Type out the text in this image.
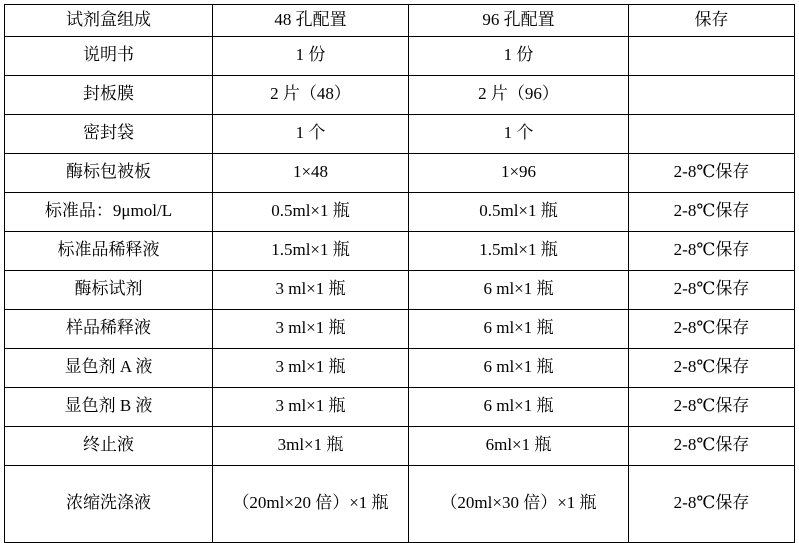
试剂盒组成	48 孔配置	96 孔配置	保存
说明书	1 份	1 份	
封板膜	2 片（48）	2 片（96）	
密封袋	1 个	1 个	
酶标包被板	1×48	1×96	2-8℃保存
标准品：9μmol/L	0.5ml×1 瓶	0.5ml×1 瓶	2-8℃保存
标准品稀释液	1.5ml×1 瓶	1.5ml×1 瓶	2-8℃保存
酶标试剂	3 ml×1 瓶	6 ml×1 瓶	2-8℃保存
样品稀释液	3 ml×1 瓶	6 ml×1 瓶	2-8℃保存
显色剂 A 液	3 ml×1 瓶	6 ml×1 瓶	2-8℃保存
显色剂 B 液	3 ml×1 瓶	6 ml×1 瓶	2-8℃保存
终止液	3ml×1 瓶	6ml×1 瓶	2-8℃保存
浓缩洗涤液	（20ml×20 倍）×1 瓶	（20ml×30 倍）×1 瓶	2-8℃保存
